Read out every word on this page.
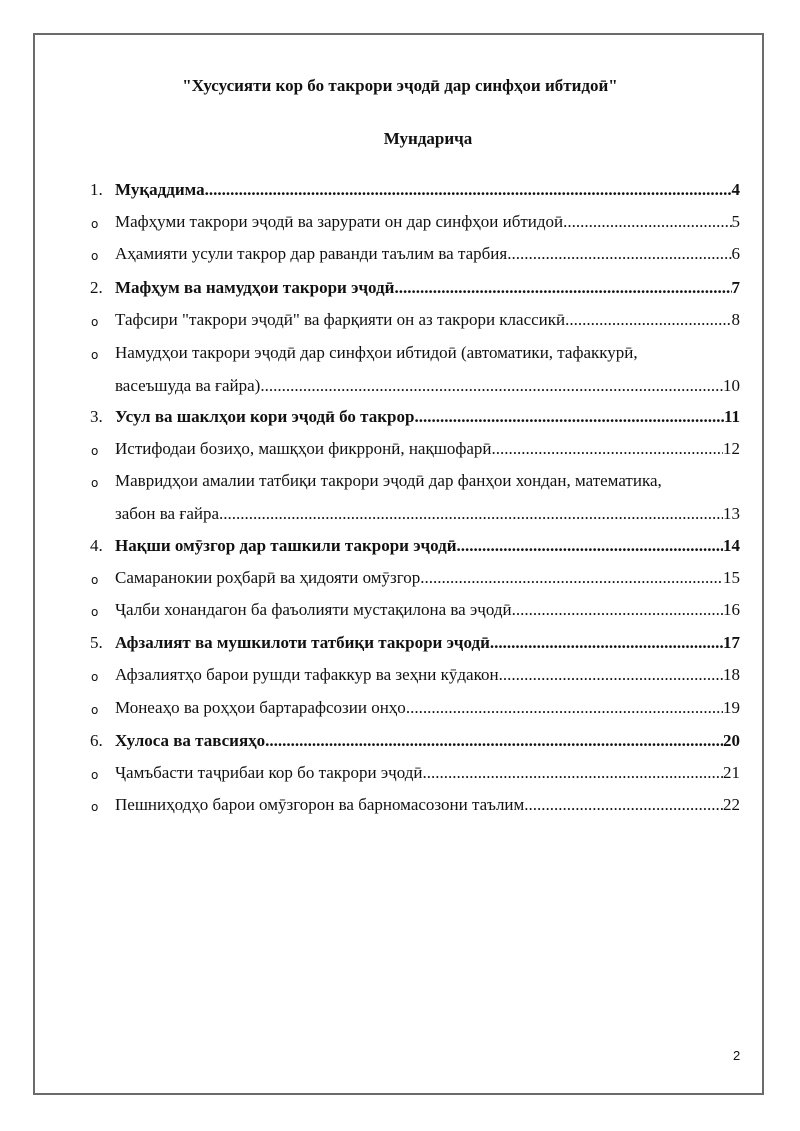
"Хусусияти кор бо такрори эҷодӣ дар синфҳои ибтидоӣ"
Мундариҷа
1. Муқаддима .....	4
o Мафҳуми такрори эҷодӣ ва зарурати он дар синфҳои ибтидоӣ .....	5
o Аҳамияти усули такрор дар раванди таълим ва тарбия .....	6
2. Мафҳум ва намудҳои такрори эҷодӣ .....	7
o Тафсири "такрори эҷодӣ" ва фарқияти он аз такрори классикӣ .....	8
o Намудҳои такрори эҷодӣ дар синфҳои ибтидоӣ (автоматики, тафаккурӣ,
васеъшуда ва ғайра) .....	10
3. Усул ва шаклҳои кори эҷодӣ бо такрор .....	11
o Истифодаи бозиҳо, машқҳои фикрронӣ, нақшофарӣ .....	12
o Мавридҳои амалии татбиқи такрори эҷодӣ дар фанҳои хондан, математика,
забон ва ғайра .....	13
4. Нақши омӯзгор дар ташкили такрори эҷодӣ .....	14
o Самаранокии роҳбарӣ ва ҳидояти омӯзгор .....	15
o Ҷалби хонандагон ба фаъолияти мустақилона ва эҷодӣ .....	16
5. Афзалият ва мушкилоти татбиқи такрори эҷодӣ .....	17
o Афзалиятҳо барои рушди тафаккур ва зеҳни кӯдакон .....	18
o Монеаҳо ва роҳҳои бартарафсозии онҳо .....	19
6. Хулоса ва тавсияҳо .....	20
o Ҷамъбасти таҷрибаи кор бо такрори эҷодӣ .....	21
o Пешниҳодҳо барои омӯзгорон ва барномасозони таълим .....	22
2
